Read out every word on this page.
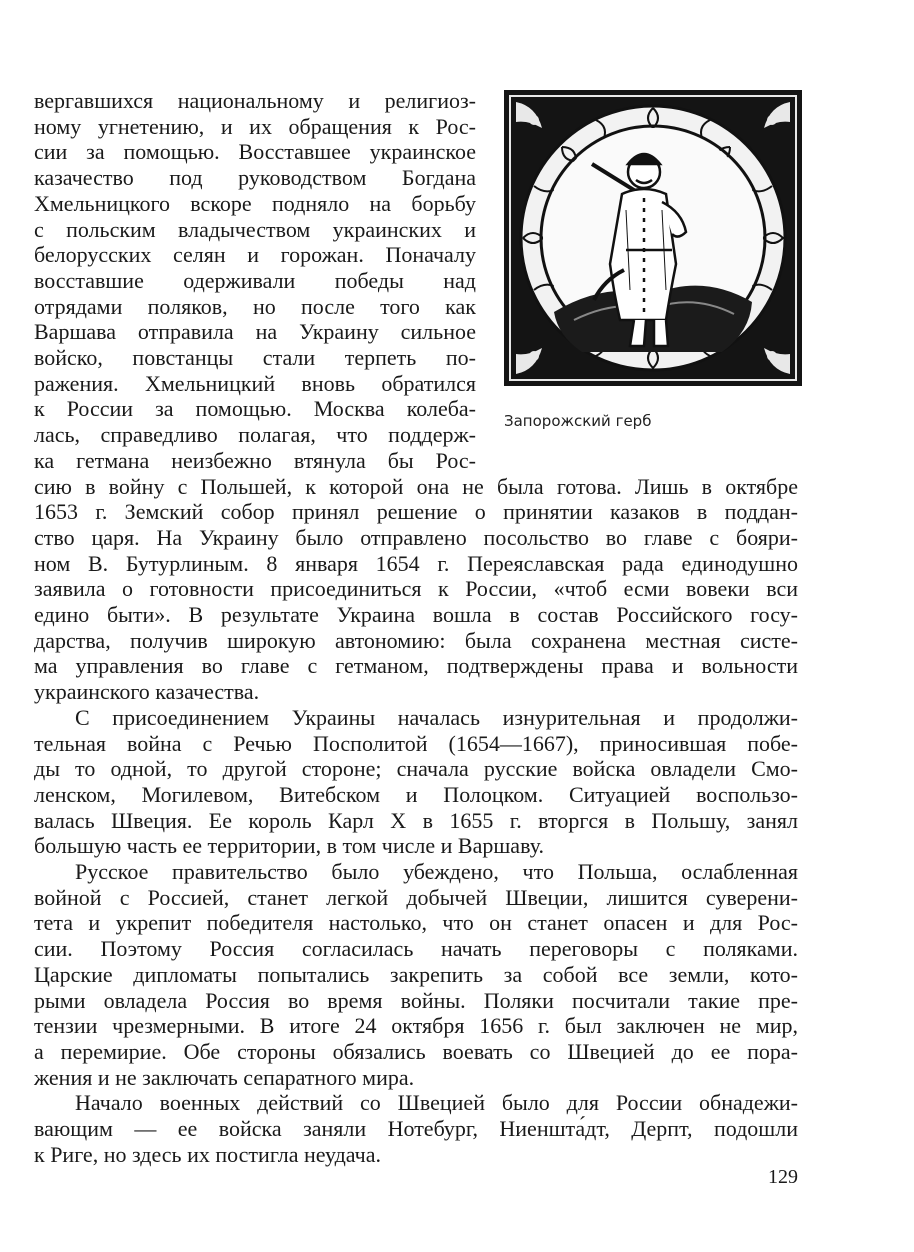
вергавшихся национальному и религиоз-

ному угнетению, и их обращения к Рос-

сии за помощью. Восставшее украинское

казачество под руководством Богдана

Хмельницкого вскоре подняло на борьбу

с польским владычеством украинских и

белорусских селян и горожан. Поначалу

восставшие одерживали победы над

отрядами поляков, но после того как

Варшава отправила на Украину сильное

войско, повстанцы стали терпеть по-

ражения. Хмельницкий вновь обратился

к России за помощью. Москва колеба-

лась, справедливо полагая, что поддерж-

ка гетмана неизбежно втянула бы Рос-

Запорожский герб

сию в войну с Польшей, к которой она не была готова. Лишь в октябре

1653 г. Земский собор принял решение о принятии казаков в поддан-

ство царя. На Украину было отправлено посольство во главе с бояри-

ном В. Бутурлиным. 8 января 1654 г. Переяславская рада единодушно

заявила о готовности присоединиться к России, «чтоб есми вовеки вси

едино быти». В результате Украина вошла в состав Российского госу-

дарства, получив широкую автономию: была сохранена местная систе-

ма управления во главе с гетманом, подтверждены права и вольности

украинского казачества.

С присоединением Украины началась изнурительная и продолжи-

тельная война с Речью Посполитой (1654—1667), приносившая побе-

ды то одной, то другой стороне; сначала русские войска овладели Смо-

ленском, Могилевом, Витебском и Полоцком. Ситуацией воспользо-

валась Швеция. Ее король Карл Х в 1655 г. вторгся в Польшу, занял

большую часть ее территории, в том числе и Варшаву.

Русское правительство было убеждено, что Польша, ослабленная

войной с Россией, станет легкой добычей Швеции, лишится суверени-

тета и укрепит победителя настолько, что он станет опасен и для Рос-

сии. Поэтому Россия согласилась начать переговоры с поляками.

Царские дипломаты попытались закрепить за собой все земли, кото-

рыми овладела Россия во время войны. Поляки посчитали такие пре-

тензии чрезмерными. В итоге 24 октября 1656 г. был заключен не мир,

а перемирие. Обе стороны обязались воевать со Швецией до ее пора-

жения и не заключать сепаратного мира.

Начало военных действий со Швецией было для России обнадежи-

вающим — ее войска заняли Нотебург, Ниеншта́дт, Дерпт, подошли

к Риге, но здесь их постигла неудача.

129
